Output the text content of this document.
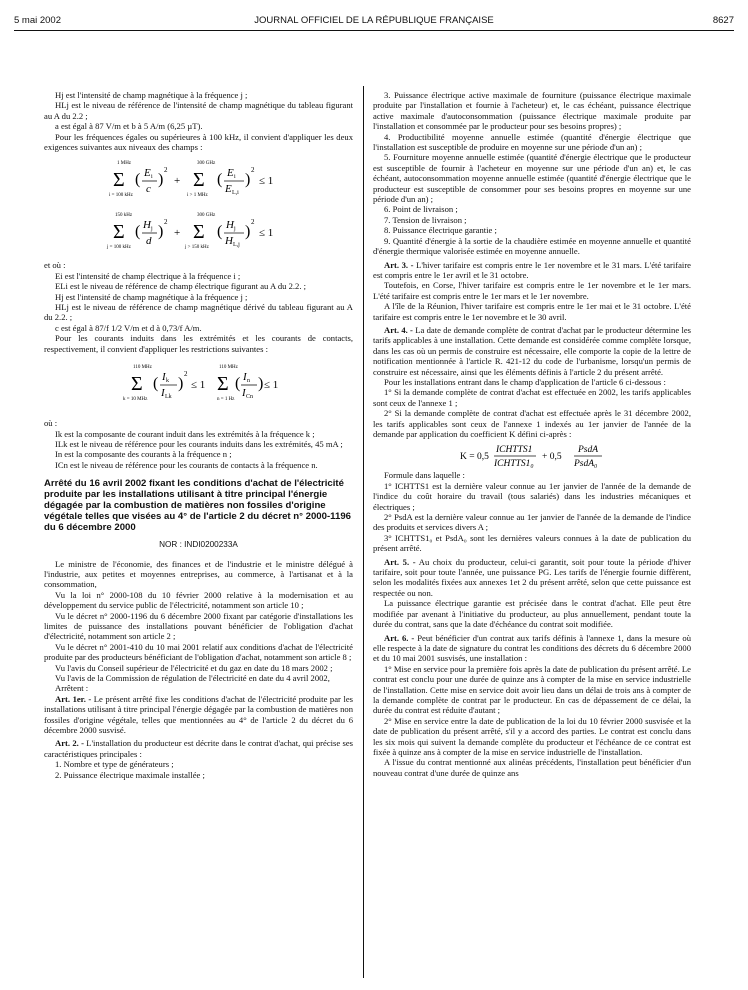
5 mai 2002	JOURNAL OFFICIEL DE LA RÉPUBLIQUE FRANÇAISE	8627

Hj est l'intensité de champ magnétique à la fréquence j ;

HLj est le niveau de référence de l'intensité de champ magnétique du tableau figurant au A du 2.2 ;

a est égal à 87 V/m et b à 5 A/m (6,25 µT).

Pour les fréquences égales ou supérieures à 100 kHz, il convient d'appliquer les deux exigences suivantes aux niveaux des champs :

1 MHz
Σ
i = 100 kHz
( E i
c
)
2
+
300 GHz
Σ
i > 1 MHz
( E i
E L,i
)
2
≤ 1
150 kHz
Σ
j = 100 kHz
( H j
d
)
2
+
300 GHz
Σ
j > 150 kHz
( H j
H L,j
)
2
≤ 1

et où :

Ei est l'intensité de champ électrique à la fréquence i ;

ELi est le niveau de référence de champ électrique figurant au A du 2.2. ;

Hj est l'intensité de champ magnétique à la fréquence j ;

HLj est le niveau de référence de champ magnétique dérivé du tableau figurant au A du 2.2. ;

c est égal à 87/f 1/2 V/m et d à 0,73/f A/m.

Pour les courants induits dans les extrémités et les courants de contacts, respectivement, il convient d'appliquer les restrictions suivantes :

110 MHz
Σ
k = 10 MHz
( I k
I Lk
)
2
≤ 1
110 MHz
Σ
n = 1 Hz
( I n
I Cn
) ≤ 1

où :

Ik est la composante de courant induit dans les extrémités à la fréquence k ;

ILk est le niveau de référence pour les courants induits dans les extrémités, 45 mA ;

In est la composante des courants à la fréquence n ;

ICn est le niveau de référence pour les courants de contacts à la fréquence n.

Arrêté du 16 avril 2002 fixant les conditions d'achat de l'électricité produite par les installations utilisant à titre principal l'énergie dégagée par la combustion de matières non fossiles d'origine végétale telles que visées au 4° de l'article 2 du décret n° 2000-1196 du 6 décembre 2000
NOR : INDI0200233A

Le ministre de l'économie, des finances et de l'industrie et le ministre délégué à l'industrie, aux petites et moyennes entreprises, au commerce, à l'artisanat et à la consommation,

Vu la loi n° 2000-108 du 10 février 2000 relative à la modernisation et au développement du service public de l'électricité, notamment son article 10 ;

Vu le décret n° 2000-1196 du 6 décembre 2000 fixant par catégorie d'installations les limites de puissance des installations pouvant bénéficier de l'obligation d'achat d'électricité, notamment son article 2 ;

Vu le décret n° 2001-410 du 10 mai 2001 relatif aux conditions d'achat de l'électricité produite par des producteurs bénéficiant de l'obligation d'achat, notamment son article 8 ;

Vu l'avis du Conseil supérieur de l'électricité et du gaz en date du 18 mars 2002 ;

Vu l'avis de la Commission de régulation de l'électricité en date du 4 avril 2002,

Arrêtent :

Art. 1er. - Le présent arrêté fixe les conditions d'achat de l'électricité produite par les installations utilisant à titre principal l'énergie dégagée par la combustion de matières non fossiles d'origine végétale, telles que mentionnées au 4° de l'article 2 du décret du 6 décembre 2000 susvisé.

Art. 2. - L'installation du producteur est décrite dans le contrat d'achat, qui précise ses caractéristiques principales :

1. Nombre et type de générateurs ;

2. Puissance électrique maximale installée ;

3. Puissance électrique active maximale de fourniture (puissance électrique maximale produite par l'installation et fournie à l'acheteur) et, le cas échéant, puissance électrique active maximale d'autoconsommation (puissance électrique maximale produite par l'installation et consommée par le producteur pour ses besoins propres) ;

4. Productibilité moyenne annuelle estimée (quantité d'énergie électrique que l'installation est susceptible de produire en moyenne sur une période d'un an) ;

5. Fourniture moyenne annuelle estimée (quantité d'énergie électrique que le producteur est susceptible de fournir à l'acheteur en moyenne sur une période d'un an) et, le cas échéant, autoconsommation moyenne annuelle estimée (quantité d'énergie électrique que le producteur est susceptible de consommer pour ses besoins propres en moyenne sur une période d'un an) ;

6. Point de livraison ;

7. Tension de livraison ;

8. Puissance électrique garantie ;

9. Quantité d'énergie à la sortie de la chaudière estimée en moyenne annuelle et quantité d'énergie thermique valorisée estimée en moyenne annuelle.

Art. 3. - L'hiver tarifaire est compris entre le 1er novembre et le 31 mars. L'été tarifaire est compris entre le 1er avril et le 31 octobre.

Toutefois, en Corse, l'hiver tarifaire est compris entre le 1er novembre et le 1er mars. L'été tarifaire est compris entre le 1er mars et le 1er novembre.

A l'île de la Réunion, l'hiver tarifaire est compris entre le 1er mai et le 31 octobre. L'été tarifaire est compris entre le 1er novembre et le 30 avril.

Art. 4. - La date de demande complète de contrat d'achat par le producteur détermine les tarifs applicables à une installation. Cette demande est considérée comme complète lorsque, dans les cas où un permis de construire est nécessaire, elle comporte la copie de la lettre de notification mentionnée à l'article R. 421-12 du code de l'urbanisme, lorsqu'un permis de construire est nécessaire, ainsi que les éléments définis à l'article 2 du présent arrêté.

Pour les installations entrant dans le champ d'application de l'article 6 ci-dessous :

1° Si la demande complète de contrat d'achat est effectuée en 2002, les tarifs applicables sont ceux de l'annexe 1 ;

2° Si la demande complète de contrat d'achat est effectuée après le 31 décembre 2002, les tarifs applicables sont ceux de l'annexe 1 indexés au 1er janvier de l'année de la demande par application du coefficient K défini ci-après :

K = 0,5
ICHTTS1
ICHTTS1₀
+ 0,5
PsdA
PsdA₀

Formule dans laquelle :

1° ICHTTS1 est la dernière valeur connue au 1er janvier de l'année de la demande de l'indice du coût horaire du travail (tous salariés) dans les industries mécaniques et électriques ;

2° PsdA est la dernière valeur connue au 1er janvier de l'année de la demande de l'indice des produits et services divers A ;

3° ICHTTS1₀ et PsdA₀ sont les dernières valeurs connues à la date de publication du présent arrêté.

Art. 5. - Au choix du producteur, celui-ci garantit, soit pour toute la période d'hiver tarifaire, soit pour toute l'année, une puissance PG. Les tarifs de l'énergie fournie diffèrent, selon les modalités fixées aux annexes 1et 2 du présent arrêté, selon que cette puissance est respectée ou non.

La puissance électrique garantie est précisée dans le contrat d'achat. Elle peut être modifiée par avenant à l'initiative du producteur, au plus annuellement, pendant toute la durée du contrat, sans que la date d'échéance du contrat soit modifiée.

Art. 6. - Peut bénéficier d'un contrat aux tarifs définis à l'annexe 1, dans la mesure où elle respecte à la date de signature du contrat les conditions des décrets du 6 décembre 2000 et du 10 mai 2001 susvisés, une installation :

1° Mise en service pour la première fois après la date de publication du présent arrêté. Le contrat est conclu pour une durée de quinze ans à compter de la mise en service industrielle de l'installation. Cette mise en service doit avoir lieu dans un délai de trois ans à compter de la demande complète de contrat par le producteur. En cas de dépassement de ce délai, la durée du contrat est réduite d'autant ;

2° Mise en service entre la date de publication de la loi du 10 février 2000 susvisée et la date de publication du présent arrêté, s'il y a accord des parties. Le contrat est conclu dans les six mois qui suivent la demande complète du producteur et l'échéance de ce contrat est fixée à quinze ans à compter de la mise en service industrielle de l'installation.

A l'issue du contrat mentionné aux alinéas précédents, l'installation peut bénéficier d'un nouveau contrat d'une durée de quinze ans
